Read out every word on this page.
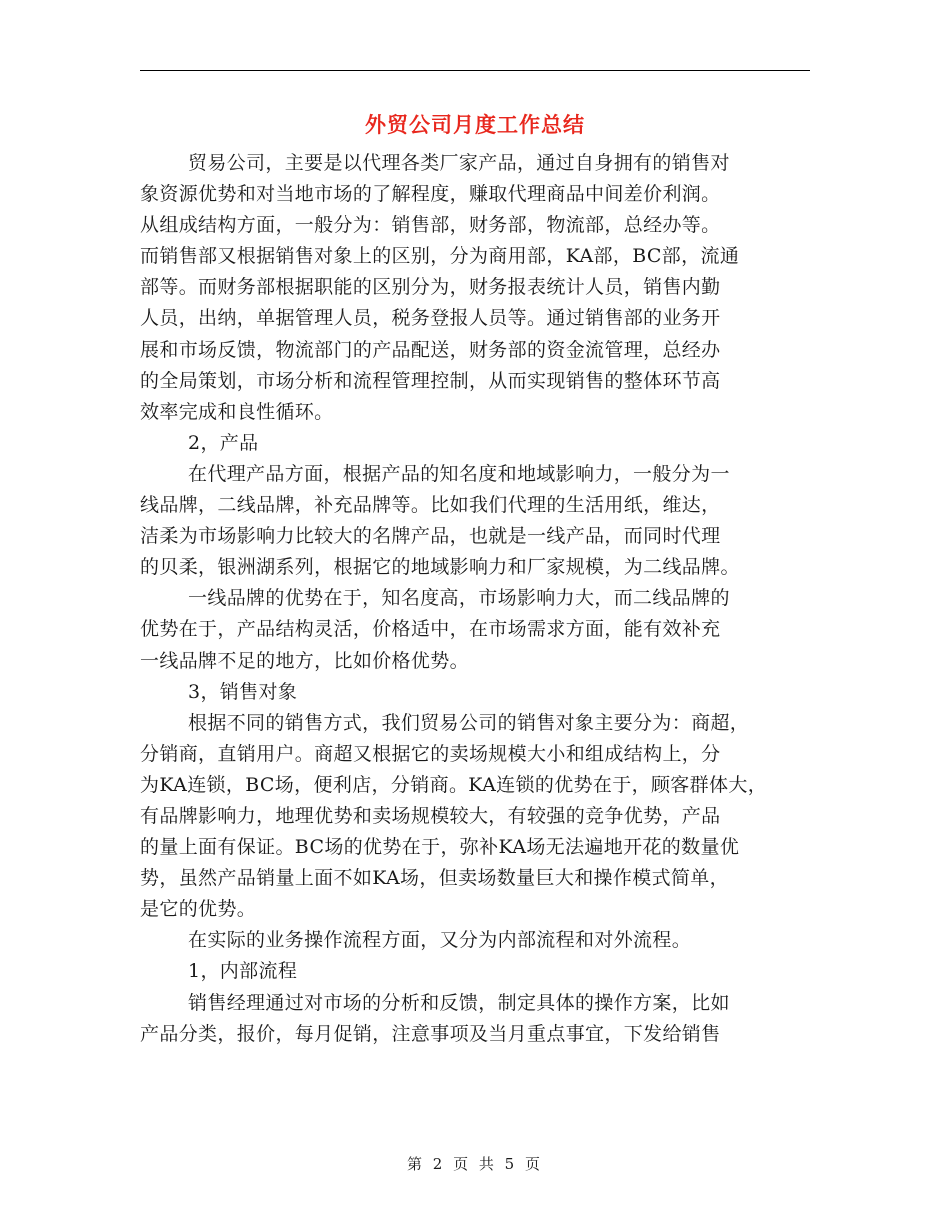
外贸公司月度工作总结
贸易公司，主要是以代理各类厂家产品，通过自身拥有的销售对
象资源优势和对当地市场的了解程度，赚取代理商品中间差价利润。
从组成结构方面，一般分为：销售部，财务部，物流部，总经办等。
而销售部又根据销售对象上的区别，分为商用部，KA部，BC部，流通
部等。而财务部根据职能的区别分为，财务报表统计人员，销售内勤
人员，出纳，单据管理人员，税务登报人员等。通过销售部的业务开
展和市场反馈，物流部门的产品配送，财务部的资金流管理，总经办
的全局策划，市场分析和流程管理控制，从而实现销售的整体环节高
效率完成和良性循环。
2，产品
在代理产品方面，根据产品的知名度和地域影响力，一般分为一
线品牌，二线品牌，补充品牌等。比如我们代理的生活用纸，维达，
洁柔为市场影响力比较大的名牌产品，也就是一线产品，而同时代理
的贝柔，银洲湖系列，根据它的地域影响力和厂家规模，为二线品牌。
一线品牌的优势在于，知名度高，市场影响力大，而二线品牌的
优势在于，产品结构灵活，价格适中，在市场需求方面，能有效补充
一线品牌不足的地方，比如价格优势。
3，销售对象
根据不同的销售方式，我们贸易公司的销售对象主要分为：商超，
分销商，直销用户。商超又根据它的卖场规模大小和组成结构上，分
为KA连锁，BC场，便利店，分销商。KA连锁的优势在于，顾客群体大，
有品牌影响力，地理优势和卖场规模较大，有较强的竞争优势，产品
的量上面有保证。BC场的优势在于，弥补KA场无法遍地开花的数量优
势，虽然产品销量上面不如KA场，但卖场数量巨大和操作模式简单，
是它的优势。
在实际的业务操作流程方面，又分为内部流程和对外流程。
1，内部流程
销售经理通过对市场的分析和反馈，制定具体的操作方案，比如
产品分类，报价，每月促销，注意事项及当月重点事宜，下发给销售
第 2 页 共 5 页
